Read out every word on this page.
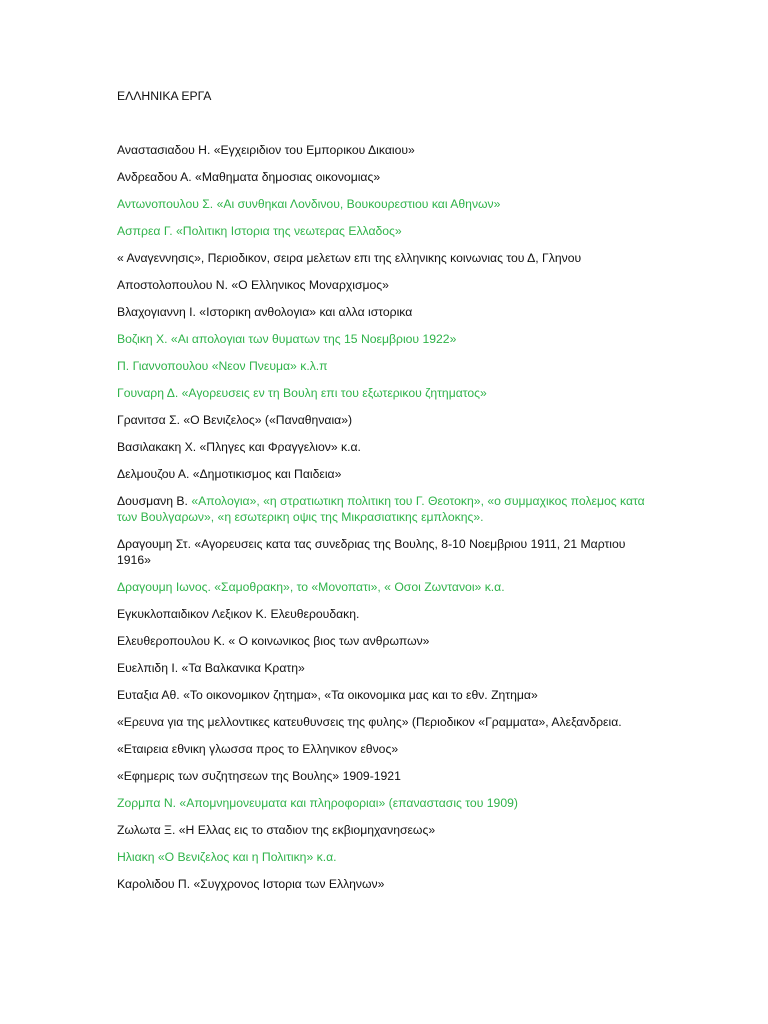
ΕΛΛΗΝΙΚΑ ΕΡΓΑ
Αναστασιαδου Η. «Εγχειριδιον του Εμπορικου Δικαιου»
Ανδρεαδου Α. «Μαθηματα δημοσιας οικονομιας»
Αντωνοπουλου Σ. «Αι συνθηκαι Λονδινου, Βουκουρεστιου και Αθηνων»
Ασπρεα Γ. «Πολιτικη Ιστορια της νεωτερας Ελλαδος»
« Αναγεννησις», Περιοδικον, σειρα μελετων επι της ελληνικης κοινωνιας του Δ, Γληνου
Αποστολοπουλου Ν. «Ο Ελληνικος Μοναρχισμος»
Βλαχογιαννη Ι. «Ιστορικη ανθολογια» και αλλα ιστορικα
Βοζικη Χ. «Αι απολογιαι των θυματων της 15 Νοεμβριου 1922»
Π. Γιαννοπουλου «Νεον Πνευμα» κ.λ.π
Γουναρη Δ. «Αγορευσεις εν τη Βουλη επι του εξωτερικου ζητηματος»
Γρανιτσα Σ. «Ο Βενιζελος» («Παναθηναια»)
Βασιλακακη Χ. «Πληγες και Φραγγελιον» κ.α.
Δελμουζου Α. «Δημοτικισμος και Παιδεια»
Δουσμανη Β. «Απολογια», «η στρατιωτικη πολιτικη του Γ. Θεοτοκη», «ο συμμαχικος πολεμος κατα των Βουλγαρων», «η εσωτερικη οψις της Μικρασιατικης εμπλοκης».
Δραγουμη Στ. «Αγορευσεις κατα τας συνεδριας της Βουλης, 8-10 Νοεμβριου 1911, 21 Μαρτιου 1916»
Δραγουμη Ιωνος. «Σαμοθρακη», το «Μονοπατι», « Οσοι Ζωντανοι» κ.α.
Εγκυκλοπαιδικον Λεξικον Κ. Ελευθερουδακη.
Ελευθεροπουλου Κ. « Ο κοινωνικος βιος των ανθρωπων»
Ευελπιδη Ι. «Τα Βαλκανικα Κρατη»
Ευταξια Αθ. «Το οικονομικον ζητημα», «Τα οικονομικα μας και το εθν. Ζητημα»
«Ερευνα για της μελλοντικες κατευθυνσεις της φυλης» (Περιοδικον «Γραμματα», Αλεξανδρεια.
«Εταιρεια εθνικη γλωσσα προς το Ελληνικον εθνος»
«Εφημερις των συζητησεων της Βουλης» 1909-1921
Ζορμπα Ν. «Απομνημονευματα και πληροφοριαι» (επαναστασις του 1909)
Ζωλωτα Ξ. «Η Ελλας εις το σταδιον της εκβιομηχανησεως»
Ηλιακη «Ο Βενιζελος και η Πολιτικη» κ.α.
Καρολιδου Π. «Συγχρονος Ιστορια των Ελληνων»
